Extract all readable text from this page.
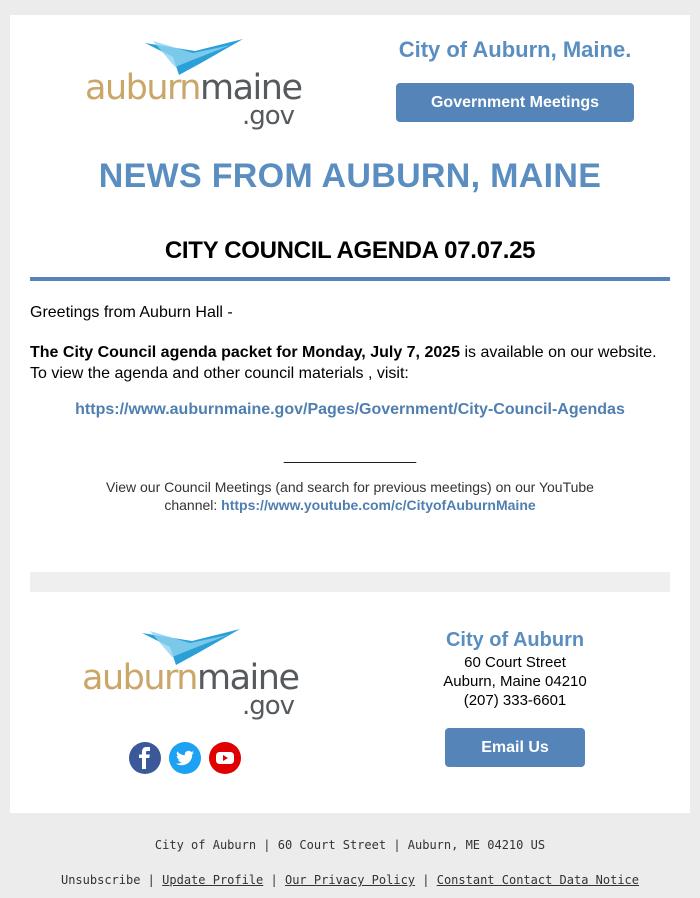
auburnmaine
.gov
City of Auburn, Maine.
Government Meetings
NEWS FROM AUBURN, MAINE
CITY COUNCIL AGENDA 07.07.25
Greetings from Auburn Hall -
The City Council agenda packet for Monday, July 7, 2025 is available on our website. To view the agenda and other council materials , visit:
https://www.auburnmaine.gov/Pages/Government/City-Council-Agendas
_________________
View our Council Meetings (and search for previous meetings) on our YouTube channel: https://www.youtube.com/c/CityofAuburnMaine
auburnmaine
.gov
City of Auburn
60 Court Street
Auburn, Maine 04210
(207) 333-6601
Email Us
City of Auburn | 60 Court Street | Auburn, ME 04210 US
Unsubscribe | Update Profile | Our Privacy Policy | Constant Contact Data Notice
